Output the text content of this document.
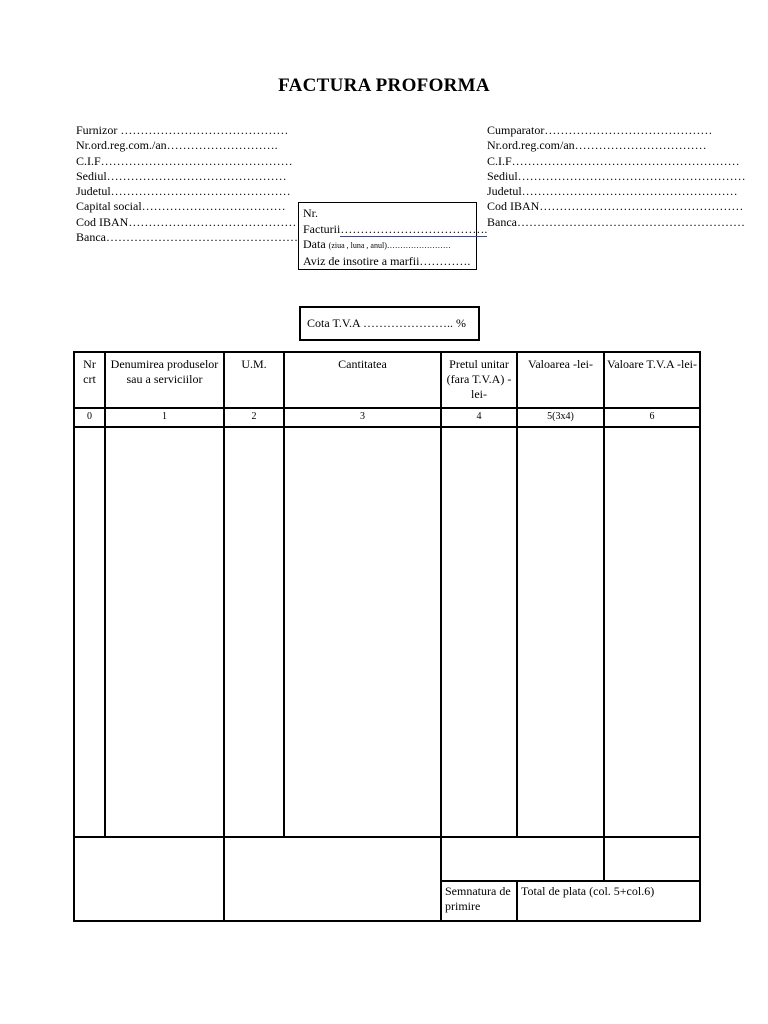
FACTURA PROFORMA
Furnizor ……………………………………
Nr.ord.reg.com./an……………………….
C.I.F…………………………………………
Sediul………………………………………
Judetul………………………………………
Capital social………………………………
Cod IBAN……………………………………
Banca…………………………………………
Cumparator……………………………………
Nr.ord.reg.com/an……………………………
C.I.F…………………………………………………
Sediul…………………………………………………
Judetul………………………………………………
Cod IBAN……………………………………………
Banca…………………………………………………
Nr.
Facturii……………………………….
Data (ziua , luna , anul)……………………
Aviz de insotire a marfii………….
Cota T.V.A ………………….. %
Nr crt	Denumirea produselor sau a serviciilor	U.M.	Cantitatea	Pretul unitar (fara T.V.A) -lei-	Valoarea -lei-	Valoare T.V.A -lei-
0	1	2	3	4	5(3x4)	6

				Semnatura de primire	Total de plata (col. 5+col.6)	
